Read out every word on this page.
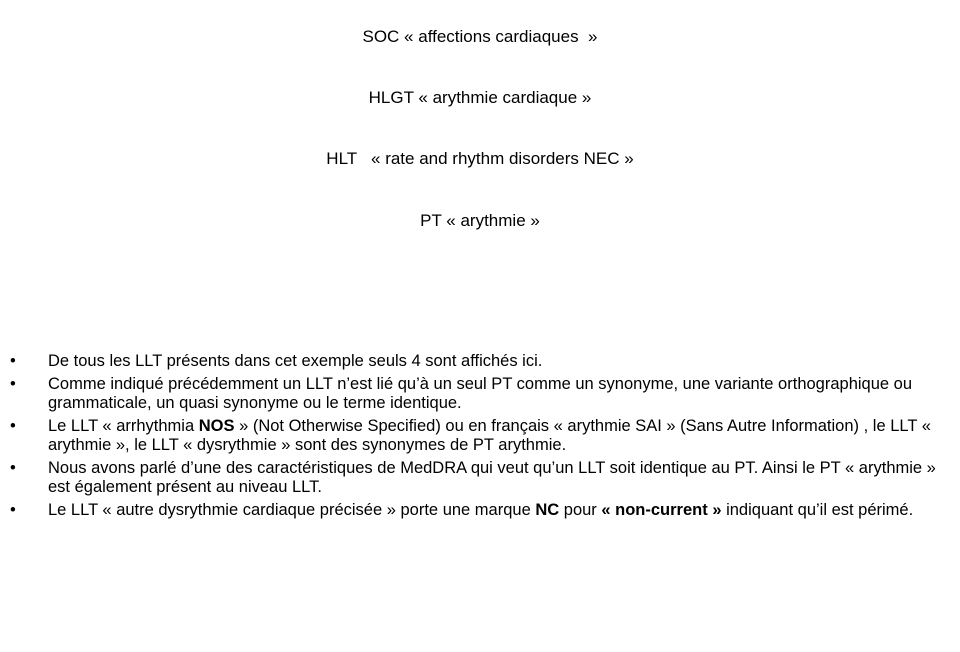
SOC « affections cardiaques  »
HLGT « arythmie cardiaque »
HLT   « rate and rhythm disorders NEC »
PT « arythmie »
• De tous les LLT présents dans cet exemple seuls 4 sont affichés ici.
• Comme indiqué précédemment un LLT n’est lié qu’à un seul PT comme un synonyme, une variante orthographique ou grammaticale, un quasi synonyme ou le terme identique.
• Le LLT « arrhythmia NOS » (Not Otherwise Specified) ou en français « arythmie SAI » (Sans Autre Information) , le LLT « arythmie », le LLT « dysrythmie » sont des synonymes de PT arythmie.
• Nous avons parlé d’une des caractéristiques de MedDRA qui veut qu’un LLT soit identique au PT. Ainsi le PT « arythmie » est également présent au niveau LLT.
• Le LLT « autre dysrythmie cardiaque précisée » porte une marque NC pour « non-current » indiquant qu’il est périmé.
